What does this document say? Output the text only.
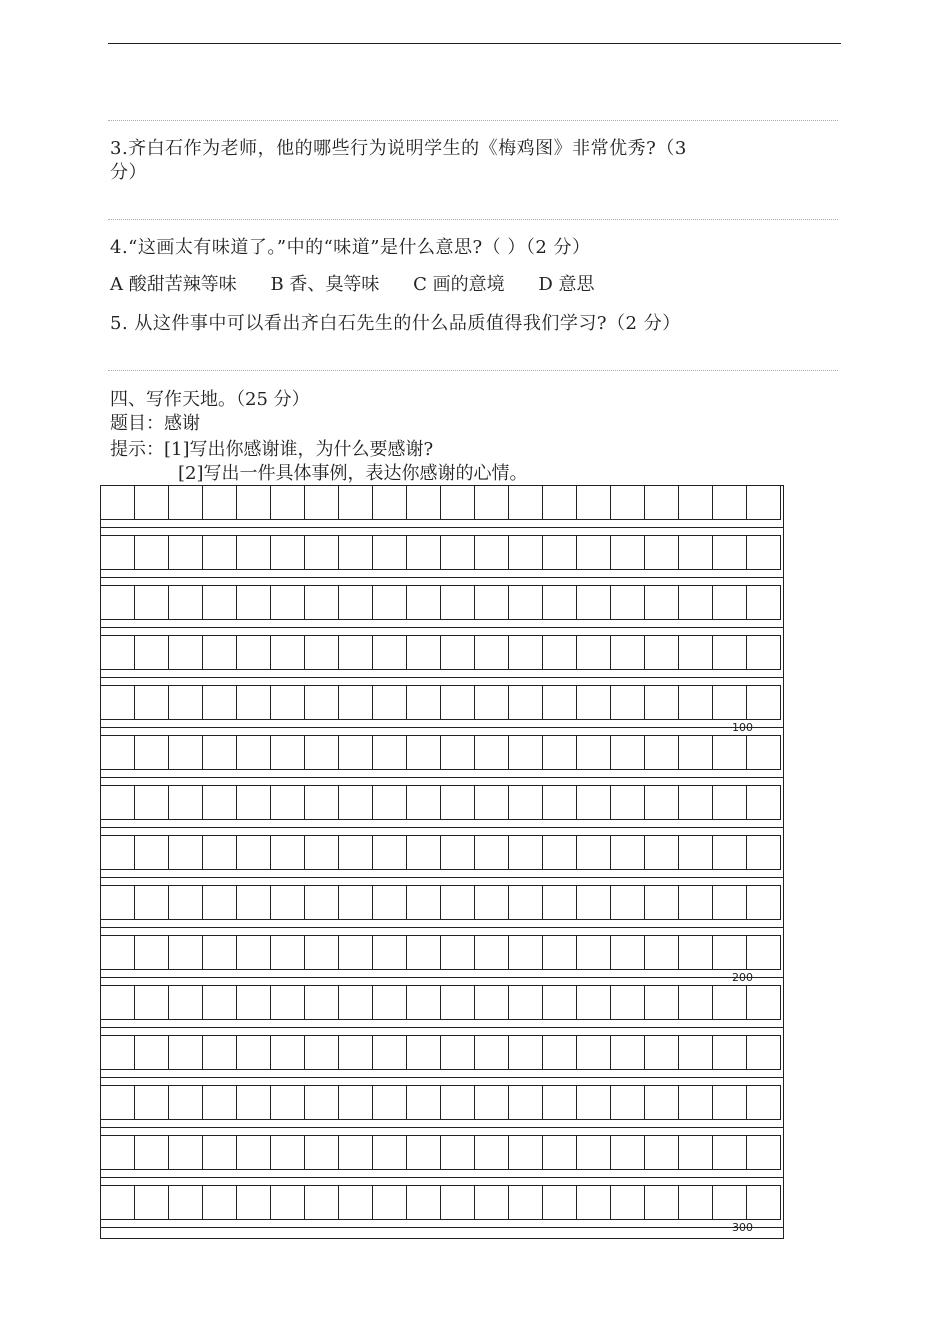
3.齐白石作为老师，他的哪些行为说明学生的《梅鸡图》非常优秀?（3
分）
4.“这画太有味道了。”中的“味道”是什么意思?（ ）（2 分）
A 酸甜苦辣等味 B 香、臭等味 C 画的意境 D 意思
5. 从这件事中可以看出齐白石先生的什么品质值得我们学习?（2 分）
四、写作天地。（25 分）
题目：感谢
提示：[1]写出你感谢谁，为什么要感谢?
[2]写出一件具体事例，表达你感谢的心情。
100
200
300
